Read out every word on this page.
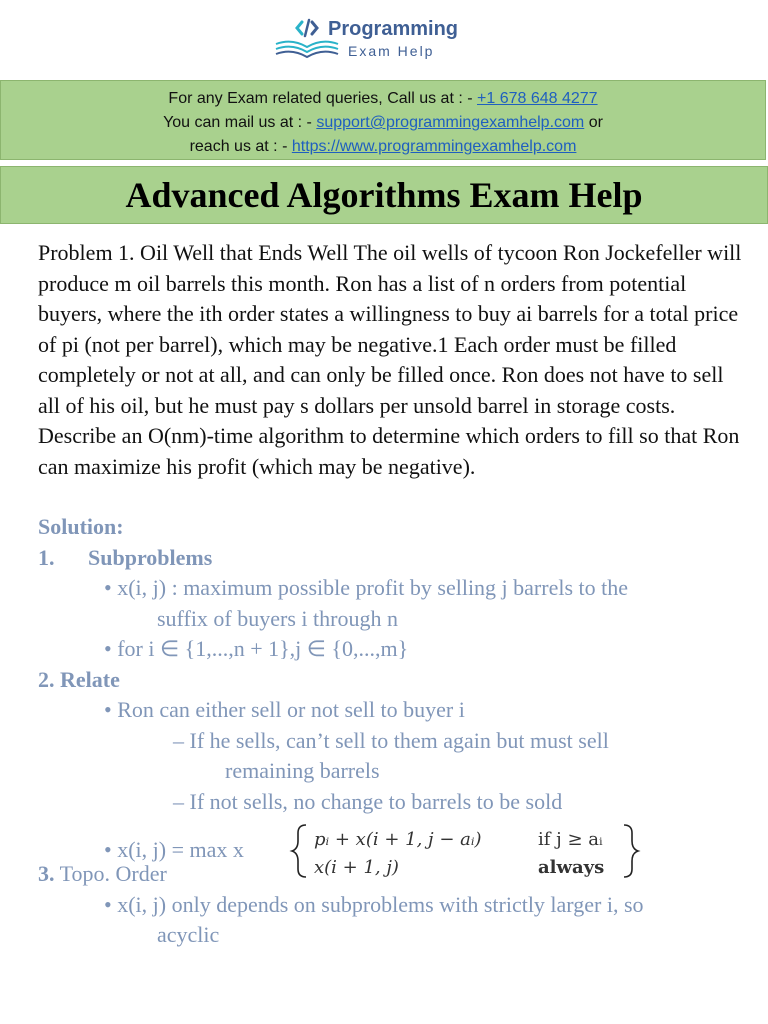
Programming
Exam Help
For any Exam related queries, Call us at : - +1 678 648 4277
You can mail us at : - support@programmingexamhelp.com or
reach us at : - https://www.programmingexamhelp.com
Advanced Algorithms Exam Help

Problem 1. Oil Well that Ends Well The oil wells of tycoon Ron Jockefeller will produce m oil barrels this month. Ron has a list of n orders from potential buyers, where the ith order states a willingness to buy ai barrels for a total price of pi (not per barrel), which may be negative.1 Each order must be filled completely or not at all, and can only be filled once. Ron does not have to sell all of his oil, but he must pay s dollars per unsold barrel in storage costs. Describe an O(nm)-time algorithm to determine which orders to fill so that Ron can maximize his profit (which may be negative).

Solution:
1. Subproblems
• x(i, j) : maximum possible profit by selling j barrels to the
suffix of buyers i through n
• for i ∈ {1,...,n + 1},j ∈ {0,...,m}
2. Relate
• Ron can either sell or not sell to buyer i
– If he sells, can’t sell to them again but must sell
remaining barrels
– If not sells, no change to barrels to be sold
• x(i, j) = max x	pᵢ + x(i + 1, j − aᵢ)	if j ≥ aᵢ
x(i + 1, j)	always
3. Topo. Order
• x(i, j) only depends on subproblems with strictly larger i, so
acyclic
